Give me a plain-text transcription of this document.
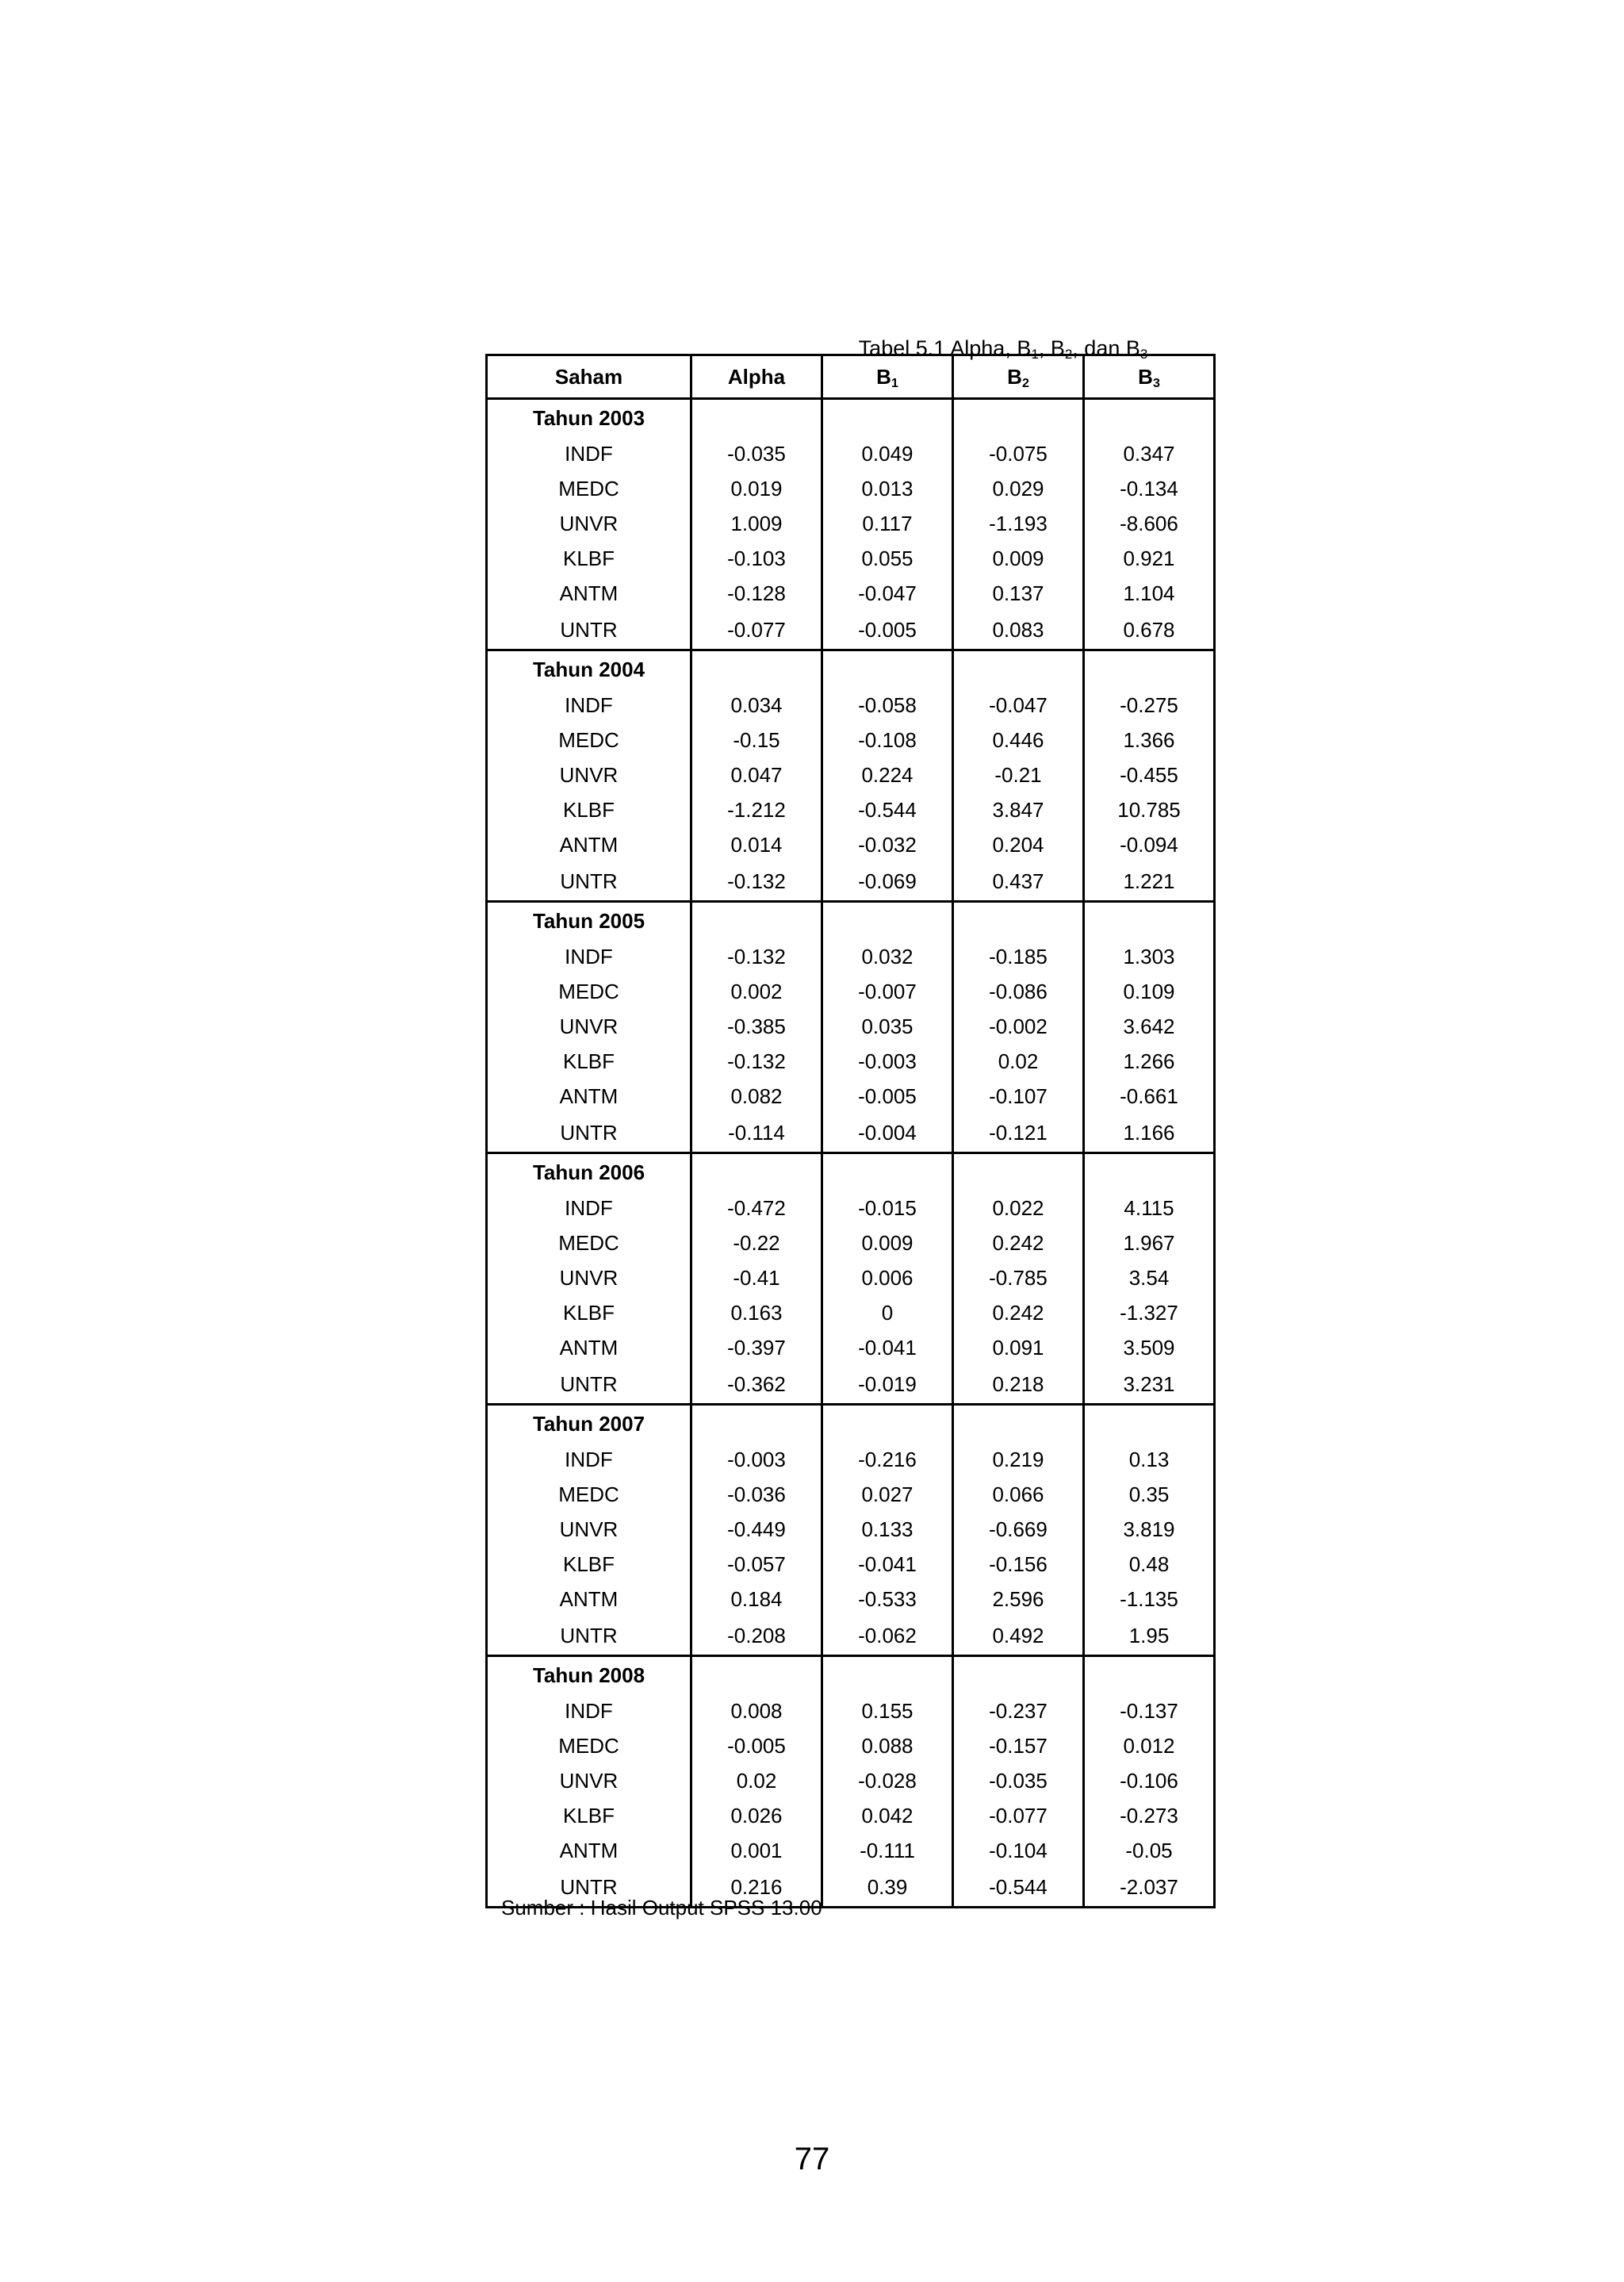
Tabel 5.1 Alpha, $B_1$, $B_2$, dan $B_3$
Saham	Alpha	$B_1$	$B_2$	$B_3$
Tahun 2003				
INDF	-0.035	0.049	-0.075	0.347
MEDC	0.019	0.013	0.029	-0.134
UNVR	1.009	0.117	-1.193	-8.606
KLBF	-0.103	0.055	0.009	0.921
ANTM	-0.128	-0.047	0.137	1.104
UNTR	-0.077	-0.005	0.083	0.678
Tahun 2004				
INDF	0.034	-0.058	-0.047	-0.275
MEDC	-0.15	-0.108	0.446	1.366
UNVR	0.047	0.224	-0.21	-0.455
KLBF	-1.212	-0.544	3.847	10.785
ANTM	0.014	-0.032	0.204	-0.094
UNTR	-0.132	-0.069	0.437	1.221
Tahun 2005				
INDF	-0.132	0.032	-0.185	1.303
MEDC	0.002	-0.007	-0.086	0.109
UNVR	-0.385	0.035	-0.002	3.642
KLBF	-0.132	-0.003	0.02	1.266
ANTM	0.082	-0.005	-0.107	-0.661
UNTR	-0.114	-0.004	-0.121	1.166
Tahun 2006				
INDF	-0.472	-0.015	0.022	4.115
MEDC	-0.22	0.009	0.242	1.967
UNVR	-0.41	0.006	-0.785	3.54
KLBF	0.163	0	0.242	-1.327
ANTM	-0.397	-0.041	0.091	3.509
UNTR	-0.362	-0.019	0.218	3.231
Tahun 2007				
INDF	-0.003	-0.216	0.219	0.13
MEDC	-0.036	0.027	0.066	0.35
UNVR	-0.449	0.133	-0.669	3.819
KLBF	-0.057	-0.041	-0.156	0.48
ANTM	0.184	-0.533	2.596	-1.135
UNTR	-0.208	-0.062	0.492	1.95
Tahun 2008				
INDF	0.008	0.155	-0.237	-0.137
MEDC	-0.005	0.088	-0.157	0.012
UNVR	0.02	-0.028	-0.035	-0.106
KLBF	0.026	0.042	-0.077	-0.273
ANTM	0.001	-0.111	-0.104	-0.05
UNTR	0.216	0.39	-0.544	-2.037
Sumber : Hasil Output SPSS 13.00
77
